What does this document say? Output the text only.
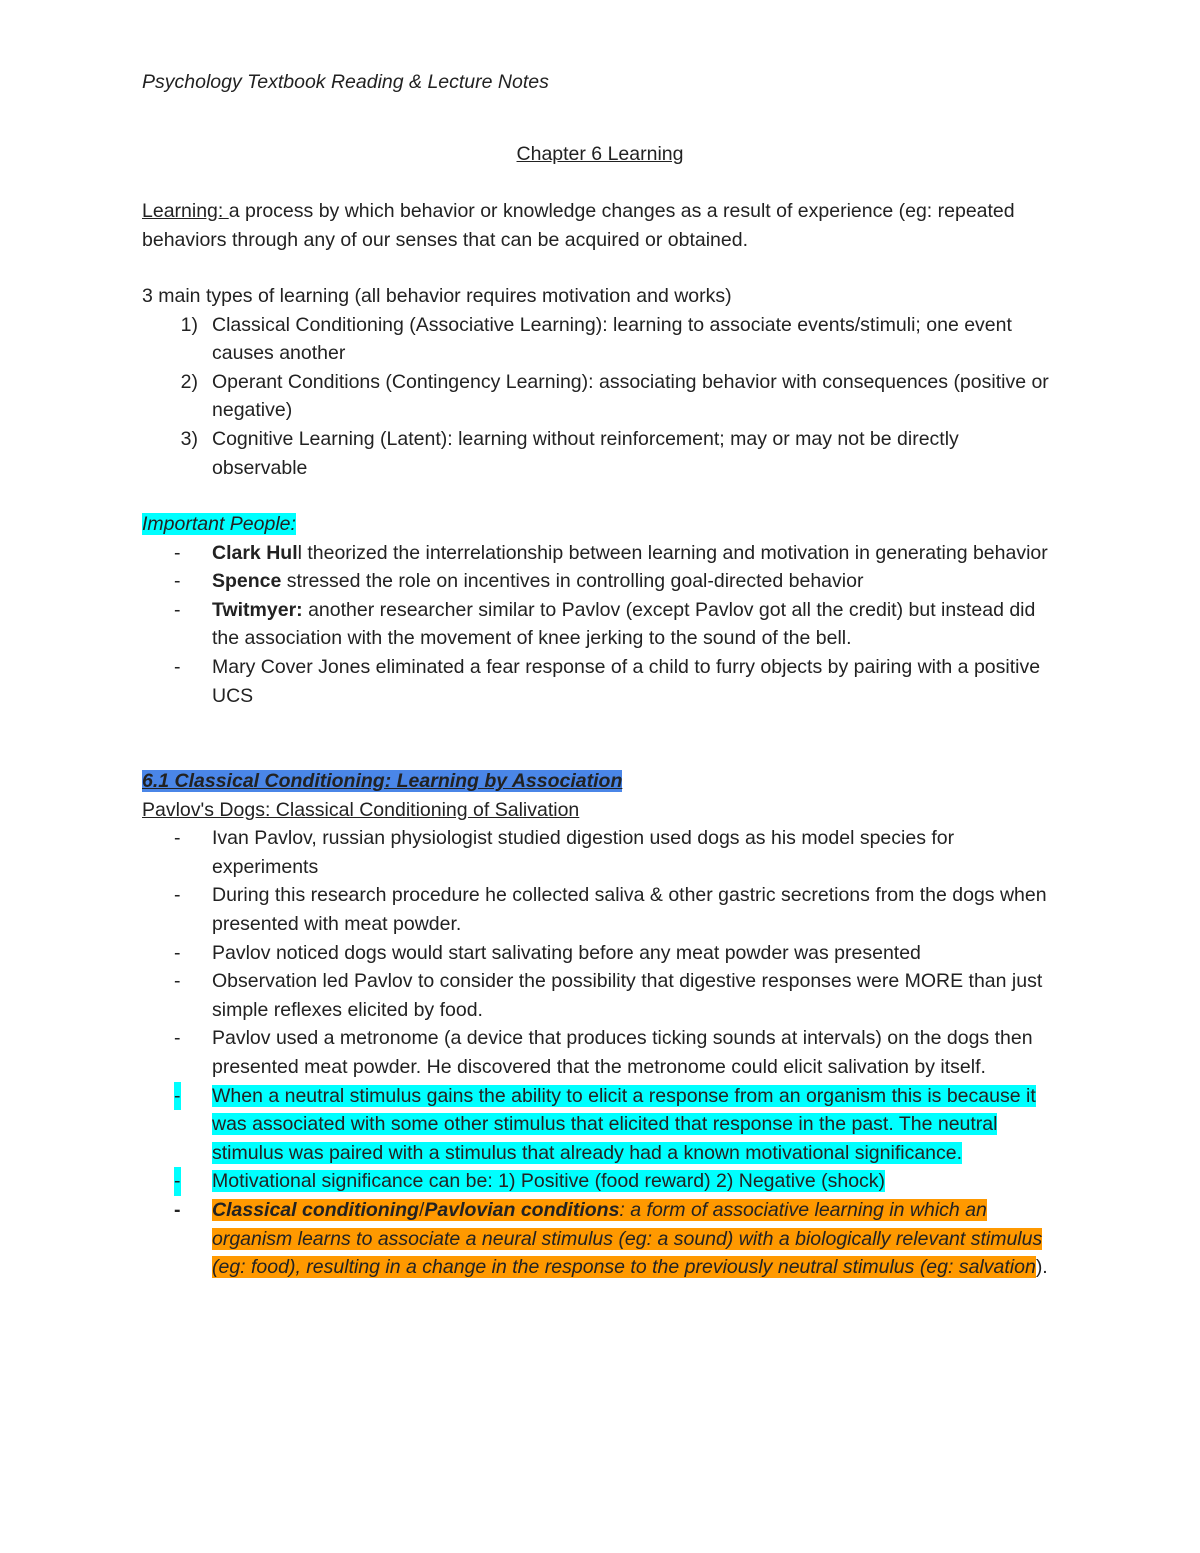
Psychology Textbook Reading & Lecture Notes
Chapter 6 Learning
Learning: a process by which behavior or knowledge changes as a result of experience (eg: repeated behaviors through any of our senses that can be acquired or obtained.
3 main types of learning (all behavior requires motivation and works)
1) Classical Conditioning (Associative Learning): learning to associate events/stimuli; one event causes another
2) Operant Conditions (Contingency Learning): associating behavior with consequences (positive or negative)
3) Cognitive Learning (Latent): learning without reinforcement; may or may not be directly observable
Important People:
- Clark Hull theorized the interrelationship between learning and motivation in generating behavior
- Spence stressed the role on incentives in controlling goal-directed behavior
- Twitmyer: another researcher similar to Pavlov (except Pavlov got all the credit) but instead did the association with the movement of knee jerking to the sound of the bell.
- Mary Cover Jones eliminated a fear response of a child to furry objects by pairing with a positive UCS
6.1 Classical Conditioning: Learning by Association
Pavlov's Dogs: Classical Conditioning of Salivation
- Ivan Pavlov, russian physiologist studied digestion used dogs as his model species for experiments
- During this research procedure he collected saliva & other gastric secretions from the dogs when presented with meat powder.
- Pavlov noticed dogs would start salivating before any meat powder was presented
- Observation led Pavlov to consider the possibility that digestive responses were MORE than just simple reflexes elicited by food.
- Pavlov used a metronome (a device that produces ticking sounds at intervals) on the dogs then presented meat powder. He discovered that the metronome could elicit salivation by itself.
- When a neutral stimulus gains the ability to elicit a response from an organism this is because it was associated with some other stimulus that elicited that response in the past. The neutral stimulus was paired with a stimulus that already had a known motivational significance.
- Motivational significance can be: 1) Positive (food reward) 2) Negative (shock)
- Classical conditioning/Pavlovian conditions: a form of associative learning in which an organism learns to associate a neural stimulus (eg: a sound) with a biologically relevant stimulus (eg: food), resulting in a change in the response to the previously neutral stimulus (eg: salvation).
